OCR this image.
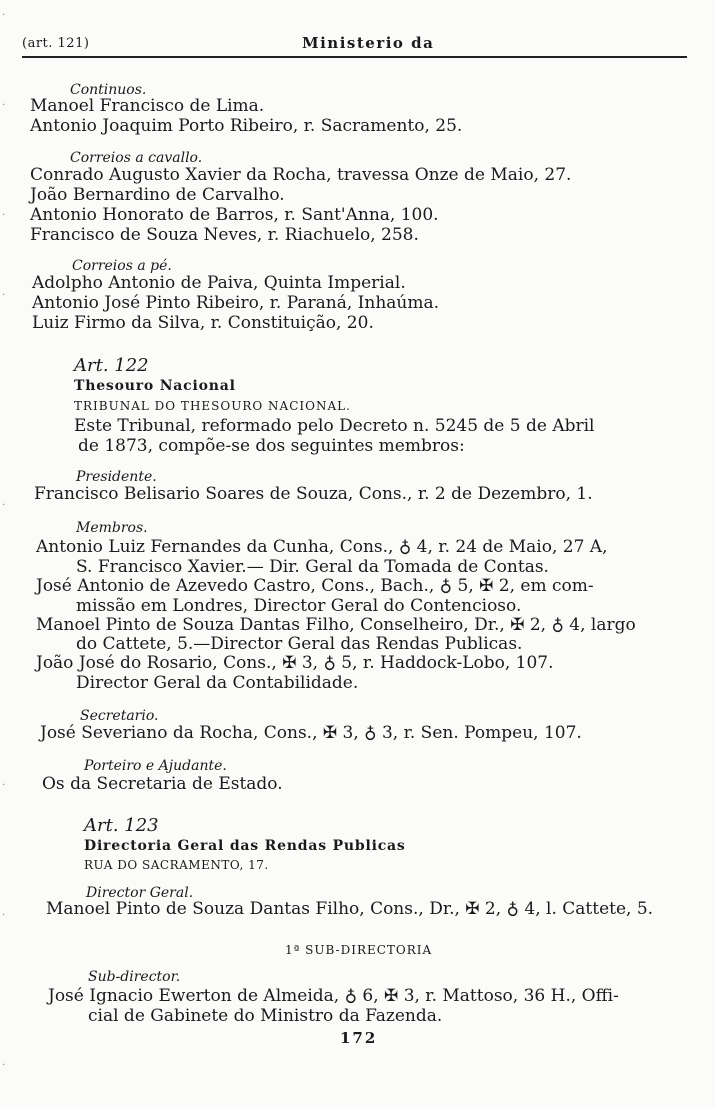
(art. 121)	Ministerio da
Continuos.
Manoel Francisco de Lima.
Antonio Joaquim Porto Ribeiro, r. Sacramento, 25.
Correios a cavallo.
Conrado Augusto Xavier da Rocha, travessa Onze de Maio, 27.
João Bernardino de Carvalho.
Antonio Honorato de Barros, r. Sant'Anna, 100.
Francisco de Souza Neves, r. Riachuelo, 258.
Correios a pé.
Adolpho Antonio de Paiva, Quinta Imperial.
Antonio José Pinto Ribeiro, r. Paraná, Inhaúma.
Luiz Firmo da Silva, r. Constituição, 20.
Art. 122
Thesouro Nacional
TRIBUNAL DO THESOURO NACIONAL.
Este Tribunal, reformado pelo Decreto n. 5245 de 5 de Abril
de 1873, compõe-se dos seguintes membros:
Presidente.
Francisco Belisario Soares de Souza, Cons., r. 2 de Dezembro, 1.
Membros.
Antonio Luiz Fernandes da Cunha, Cons., ♁ 4, r. 24 de Maio, 27 A,
S. Francisco Xavier.— Dir. Geral da Tomada de Contas.
José Antonio de Azevedo Castro, Cons., Bach., ♁ 5, ✠ 2, em com-
missão em Londres, Director Geral do Contencioso.
Manoel Pinto de Souza Dantas Filho, Conselheiro, Dr., ✠ 2, ♁ 4, largo
do Cattete, 5.—Director Geral das Rendas Publicas.
João José do Rosario, Cons., ✠ 3, ♁ 5, r. Haddock-Lobo, 107.
Director Geral da Contabilidade.
Secretario.
José Severiano da Rocha, Cons., ✠ 3, ♁ 3, r. Sen. Pompeu, 107.
Porteiro e Ajudante.
Os da Secretaria de Estado.
Art. 123
Directoria Geral das Rendas Publicas
RUA DO SACRAMENTO, 17.
Director Geral.
Manoel Pinto de Souza Dantas Filho, Cons., Dr., ✠ 2, ♁ 4, l. Cattete, 5.
1ª SUB-DIRECTORIA
Sub-director.
José Ignacio Ewerton de Almeida, ♁ 6, ✠ 3, r. Mattoso, 36 H., Offi-
cial de Gabinete do Ministro da Fazenda.
172
·
·
·
·
·
·
·
·
